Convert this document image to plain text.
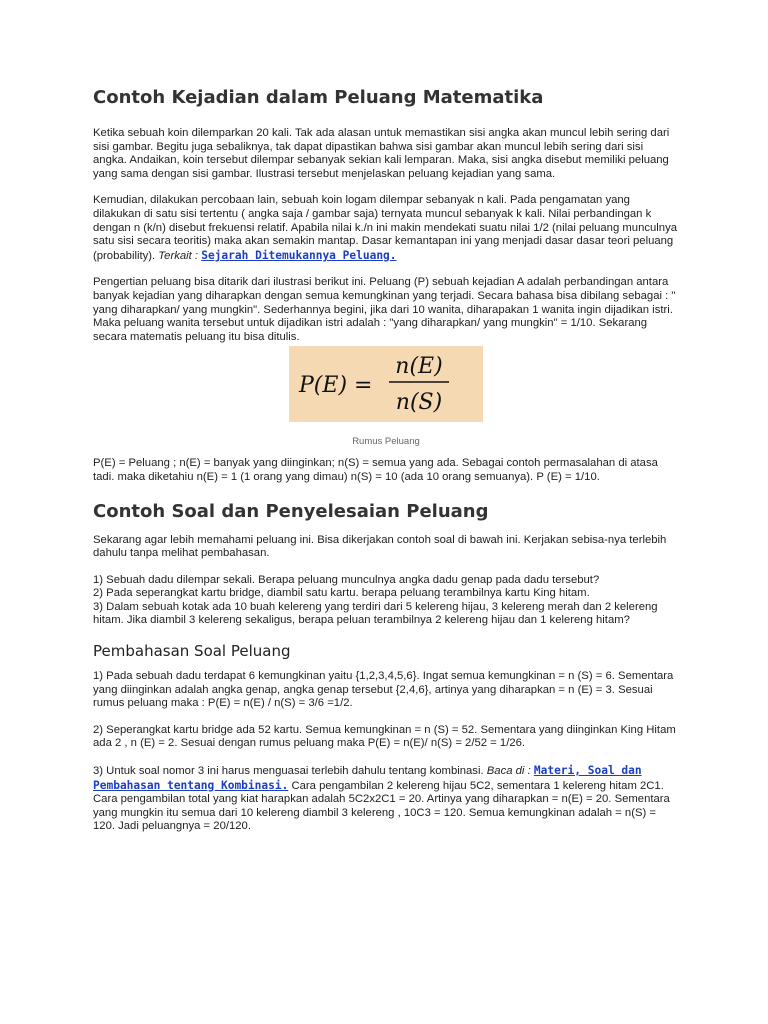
Contoh Kejadian dalam Peluang Matematika

Ketika sebuah koin dilemparkan 20 kali. Tak ada alasan untuk memastikan sisi angka akan muncul lebih sering dari sisi gambar. Begitu juga sebaliknya, tak dapat dipastikan bahwa sisi gambar akan muncul lebih sering dari sisi angka. Andaikan, koin tersebut dilempar sebanyak sekian kali lemparan. Maka, sisi angka disebut memiliki peluang yang sama dengan sisi gambar. Ilustrasi tersebut menjelaskan peluang kejadian yang sama.

Kemudian, dilakukan percobaan lain, sebuah koin logam dilempar sebanyak n kali. Pada pengamatan yang dilakukan di satu sisi tertentu ( angka saja / gambar saja) ternyata muncul sebanyak k kali. Nilai perbandingan k dengan n (k/n) disebut frekuensi relatif. Apabila nilai k./n ini makin mendekati suatu nilai 1/2 (nilai peluang munculnya satu sisi secara teoritis) maka akan semakin mantap. Dasar kemantapan ini yang menjadi dasar dasar teori peluang (probability). Terkait : Sejarah Ditemukannya Peluang.

Pengertian peluang bisa ditarik dari ilustrasi berikut ini. Peluang (P) sebuah kejadian A adalah perbandingan antara banyak kejadian yang diharapkan dengan semua kemungkinan yang terjadi. Secara bahasa bisa dibilang sebagai : " yang diharapkan/ yang mungkin". Sederhannya begini, jika dari 10 wanita, diharapakan 1 wanita ingin dijadikan istri. Maka peluang wanita tersebut untuk dijadikan istri adalah : "yang diharapkan/ yang mungkin" = 1/10. Sekarang secara matematis peluang itu bisa ditulis.

P(E) =
n(E)
n(S)
Rumus Peluang

P(E) = Peluang ; n(E) = banyak yang diinginkan; n(S) = semua yang ada. Sebagai contoh permasalahan di atasa tadi. maka diketahiu n(E) = 1 (1 orang yang dimau) n(S) = 10 (ada 10 orang semuanya). P (E) = 1/10.

Contoh Soal dan Penyelesaian Peluang

Sekarang agar lebih memahami peluang ini. Bisa dikerjakan contoh soal di bawah ini. Kerjakan sebisa-nya terlebih dahulu tanpa melihat pembahasan.

1) Sebuah dadu dilempar sekali. Berapa peluang munculnya angka dadu genap pada dadu tersebut?
2) Pada seperangkat kartu bridge, diambil satu kartu. berapa peluang terambilnya kartu King hitam.
3) Dalam sebuah kotak ada 10 buah kelereng yang terdiri dari 5 kelereng hijau, 3 kelereng merah dan 2 kelereng hitam. Jika diambil 3 kelereng sekaligus, berapa peluan terambilnya 2 kelereng hijau dan 1 kelereng hitam?

Pembahasan Soal Peluang

1) Pada sebuah dadu terdapat 6 kemungkinan yaitu {1,2,3,4,5,6}. Ingat semua kemungkinan = n (S) = 6. Sementara yang diinginkan adalah angka genap, angka genap tersebut {2,4,6}, artinya yang diharapkan = n (E) = 3. Sesuai rumus peluang maka : P(E) = n(E) / n(S) = 3/6 =1/2.

2) Seperangkat kartu bridge ada 52 kartu. Semua kemungkinan = n (S) = 52. Sementara yang diinginkan King Hitam ada 2 , n (E) = 2. Sesuai dengan rumus peluang maka P(E) = n(E)/ n(S) = 2/52 = 1/26.

3) Untuk soal nomor 3 ini harus menguasai terlebih dahulu tentang kombinasi. Baca di : Materi, Soal dan Pembahasan tentang Kombinasi. Cara pengambilan 2 kelereng hijau 5C2, sementara 1 kelereng hitam 2C1. Cara pengambilan total yang kiat harapkan adalah 5C2x2C1 = 20. Artinya yang diharapkan = n(E) = 20. Sementara yang mungkin itu semua dari 10 kelereng diambil 3 kelereng , 10C3 = 120. Semua kemungkinan adalah = n(S) = 120. Jadi peluangnya = 20/120.
